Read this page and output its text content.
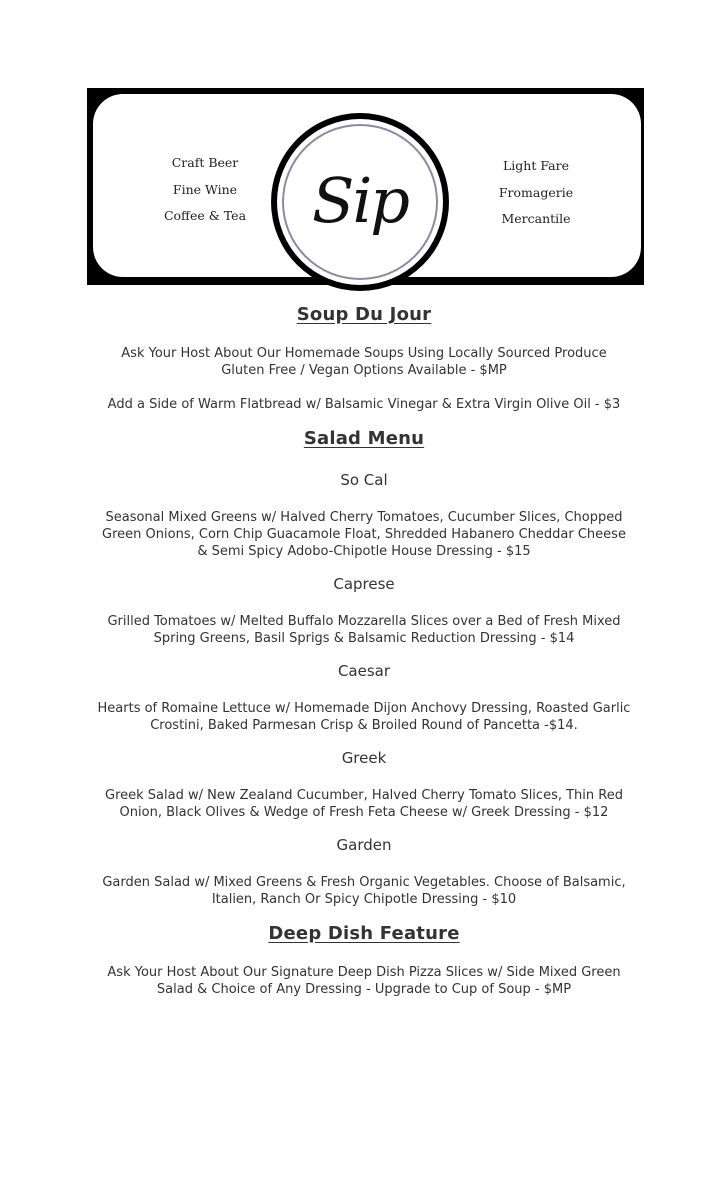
Craft Beer
Fine Wine
Coffee & Tea	Sip	Light Fare
Fromagerie
Mercantile
Soup Du Jour
Ask Your Host About Our Homemade Soups Using Locally Sourced Produce
Gluten Free / Vegan Options Available - $MP
Add a Side of Warm Flatbread w/ Balsamic Vinegar & Extra Virgin Olive Oil - $3
Salad Menu
So Cal
Seasonal Mixed Greens w/ Halved Cherry Tomatoes, Cucumber Slices, Chopped
Green Onions, Corn Chip Guacamole Float, Shredded Habanero Cheddar Cheese
& Semi Spicy Adobo-Chipotle House Dressing - $15
Caprese
Grilled Tomatoes w/ Melted Buffalo Mozzarella Slices over a Bed of Fresh Mixed
Spring Greens, Basil Sprigs & Balsamic Reduction Dressing - $14
Caesar
Hearts of Romaine Lettuce w/ Homemade Dijon Anchovy Dressing, Roasted Garlic
Crostini, Baked Parmesan Crisp & Broiled Round of Pancetta -$14.
Greek
Greek Salad w/ New Zealand Cucumber, Halved Cherry Tomato Slices, Thin Red
Onion, Black Olives & Wedge of Fresh Feta Cheese w/ Greek Dressing - $12
Garden
Garden Salad w/ Mixed Greens & Fresh Organic Vegetables. Choose of Balsamic,
Italien, Ranch Or Spicy Chipotle Dressing - $10
Deep Dish Feature
Ask Your Host About Our Signature Deep Dish Pizza Slices w/ Side Mixed Green
Salad & Choice of Any Dressing - Upgrade to Cup of Soup - $MP
